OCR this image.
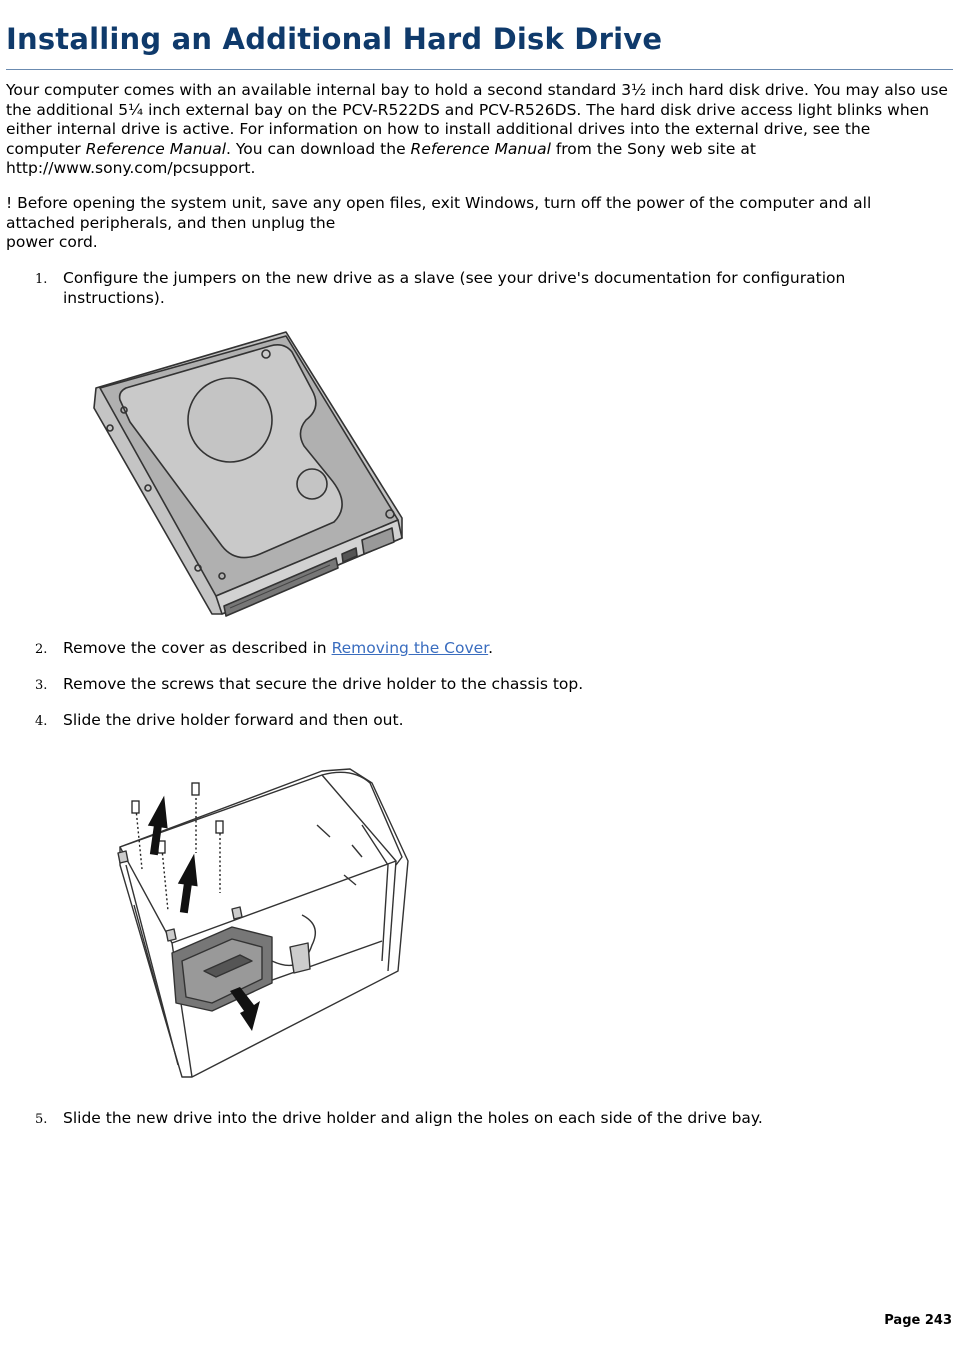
Installing an Additional Hard Disk Drive

Your computer comes with an available internal bay to hold a second standard 3½ inch hard disk drive. You may also use the additional 5¼ inch external bay on the PCV-R522DS and PCV-R526DS. The hard disk drive access light blinks when either internal drive is active. For information on how to install additional drives into the external drive, see the computer Reference Manual. You can download the Reference Manual from the Sony web site at http://www.sony.com/pcsupport.

! Before opening the system unit, save any open files, exit Windows, turn off the power of the computer and all attached peripherals, and then unplug the
power cord.

1.	Configure the jumpers on the new drive as a slave (see your drive's documentation for configuration instructions).
2.	Remove the cover as described in Removing the Cover.
3.	Remove the screws that secure the drive holder to the chassis top.
4.	Slide the drive holder forward and then out.
5.	Slide the new drive into the drive holder and align the holes on each side of the drive bay.
Page 243
